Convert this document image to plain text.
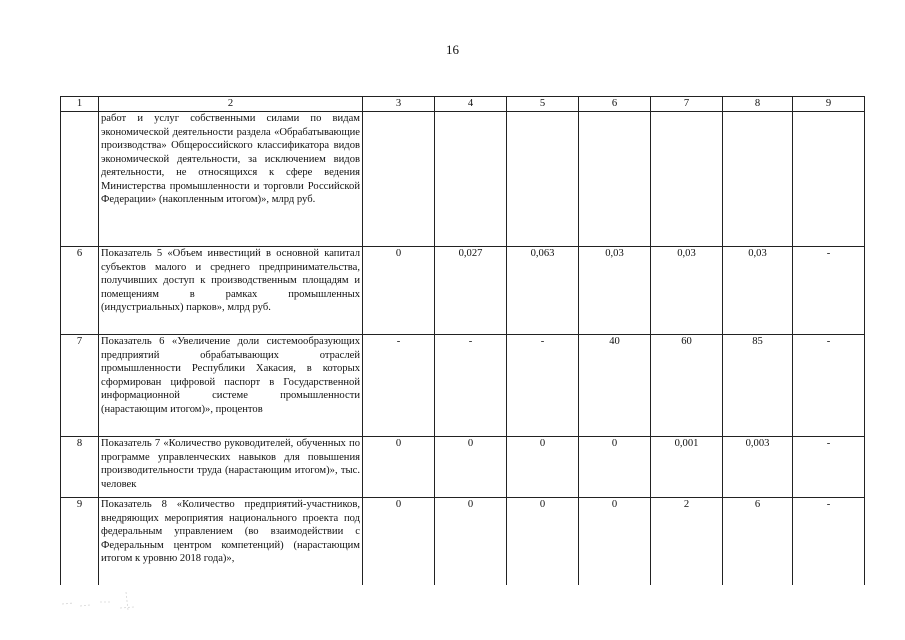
16
1	2	3	4	5	6	7	8	9
	работ и услуг собственными силами по видам экономической деятельности раздела «Обрабатывающие производства» Общероссийского классификатора видов экономической деятельности, за исключением видов деятельности, не относящихся к сфере ведения Министерства промышленности и торговли Российской Федерации» (накопленным итогом)», млрд руб.							
6	Показатель 5 «Объем инвестиций в основной капитал субъектов малого и среднего предпринимательства, получивших доступ к производственным площадям и помещениям в рамках промышленных (индустриальных) парков», млрд руб.	0	0,027	0,063	0,03	0,03	0,03	-
7	Показатель 6 «Увеличение доли системообразующих предприятий обрабатывающих отраслей промышленности Республики Хакасия, в которых сформирован цифровой паспорт в Государственной информационной системе промышленности (нарастающим итогом)», процентов	-	-	-	40	60	85	-
8	Показатель 7 «Количество руководителей, обученных по программе управленческих навыков для повышения производительности труда (нарастающим итогом)», тыс. человек	0	0	0	0	0,001	0,003	-
9	Показатель 8 «Количество предприятий-участников, внедряющих мероприятия национального проекта под федеральным управлением (во взаимодействии с Федеральным центром компетенций) (нарастающим итогом к уровню 2018 года)»,	0	0	0	0	2	6	-
